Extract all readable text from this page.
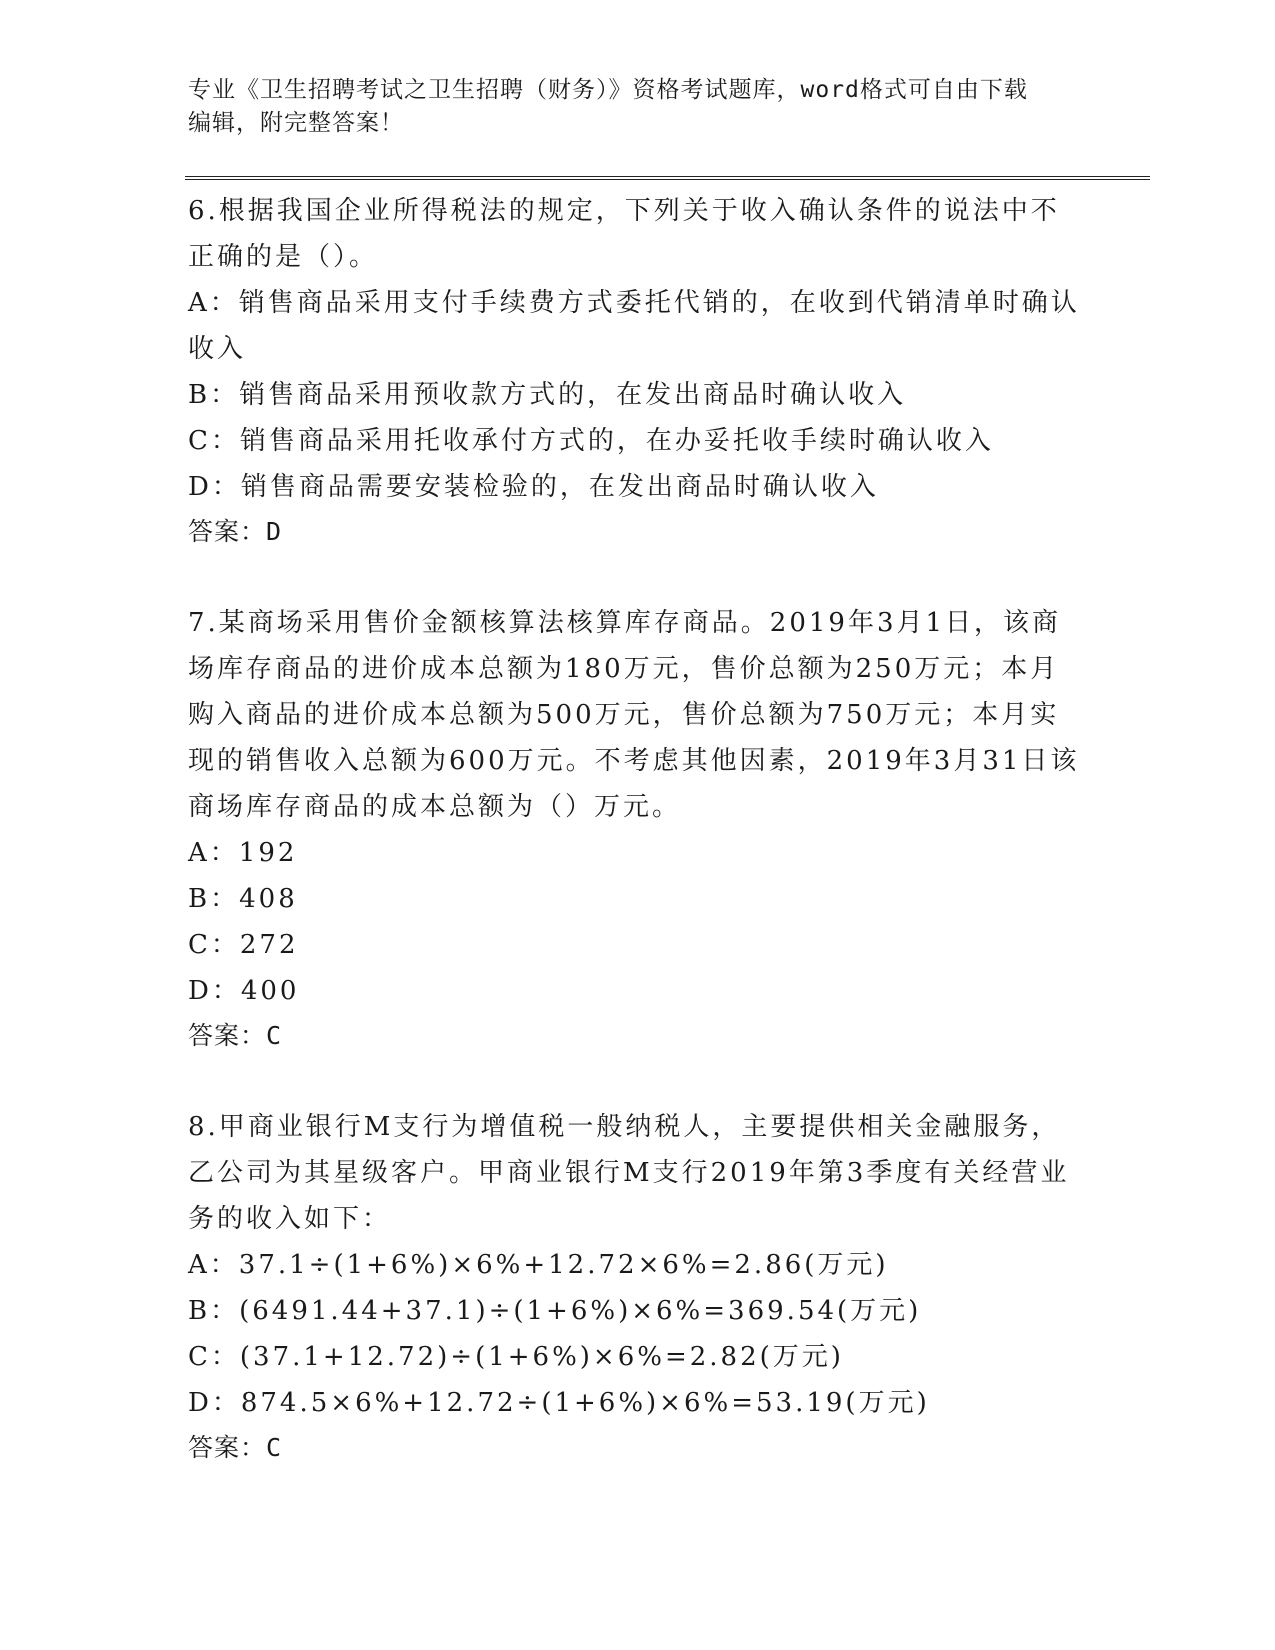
专业《卫生招聘考试之卫生招聘（财务）》资格考试题库，word格式可自由下载
编辑，附完整答案！
6.根据我国企业所得税法的规定，下列关于收入确认条件的说法中不
正确的是（）。
A：销售商品采用支付手续费方式委托代销的，在收到代销清单时确认
收入
B：销售商品采用预收款方式的，在发出商品时确认收入
C：销售商品采用托收承付方式的，在办妥托收手续时确认收入
D：销售商品需要安装检验的，在发出商品时确认收入
答案：D
7.某商场采用售价金额核算法核算库存商品。2019年3月1日，该商
场库存商品的进价成本总额为180万元，售价总额为250万元；本月
购入商品的进价成本总额为500万元，售价总额为750万元；本月实
现的销售收入总额为600万元。不考虑其他因素，2019年3月31日该
商场库存商品的成本总额为（）万元。
A：192
B：408
C：272
D：400
答案：C
8.甲商业银行M支行为增值税一般纳税人，主要提供相关金融服务，
乙公司为其星级客户。甲商业银行M支行2019年第3季度有关经营业
务的收入如下：
A：37.1÷(1+6%)×6%+12.72×6%=2.86(万元)
B：(6491.44+37.1)÷(1+6%)×6%=369.54(万元)
C：(37.1+12.72)÷(1+6%)×6%=2.82(万元)
D：874.5×6%+12.72÷(1+6%)×6%=53.19(万元)
答案：C
